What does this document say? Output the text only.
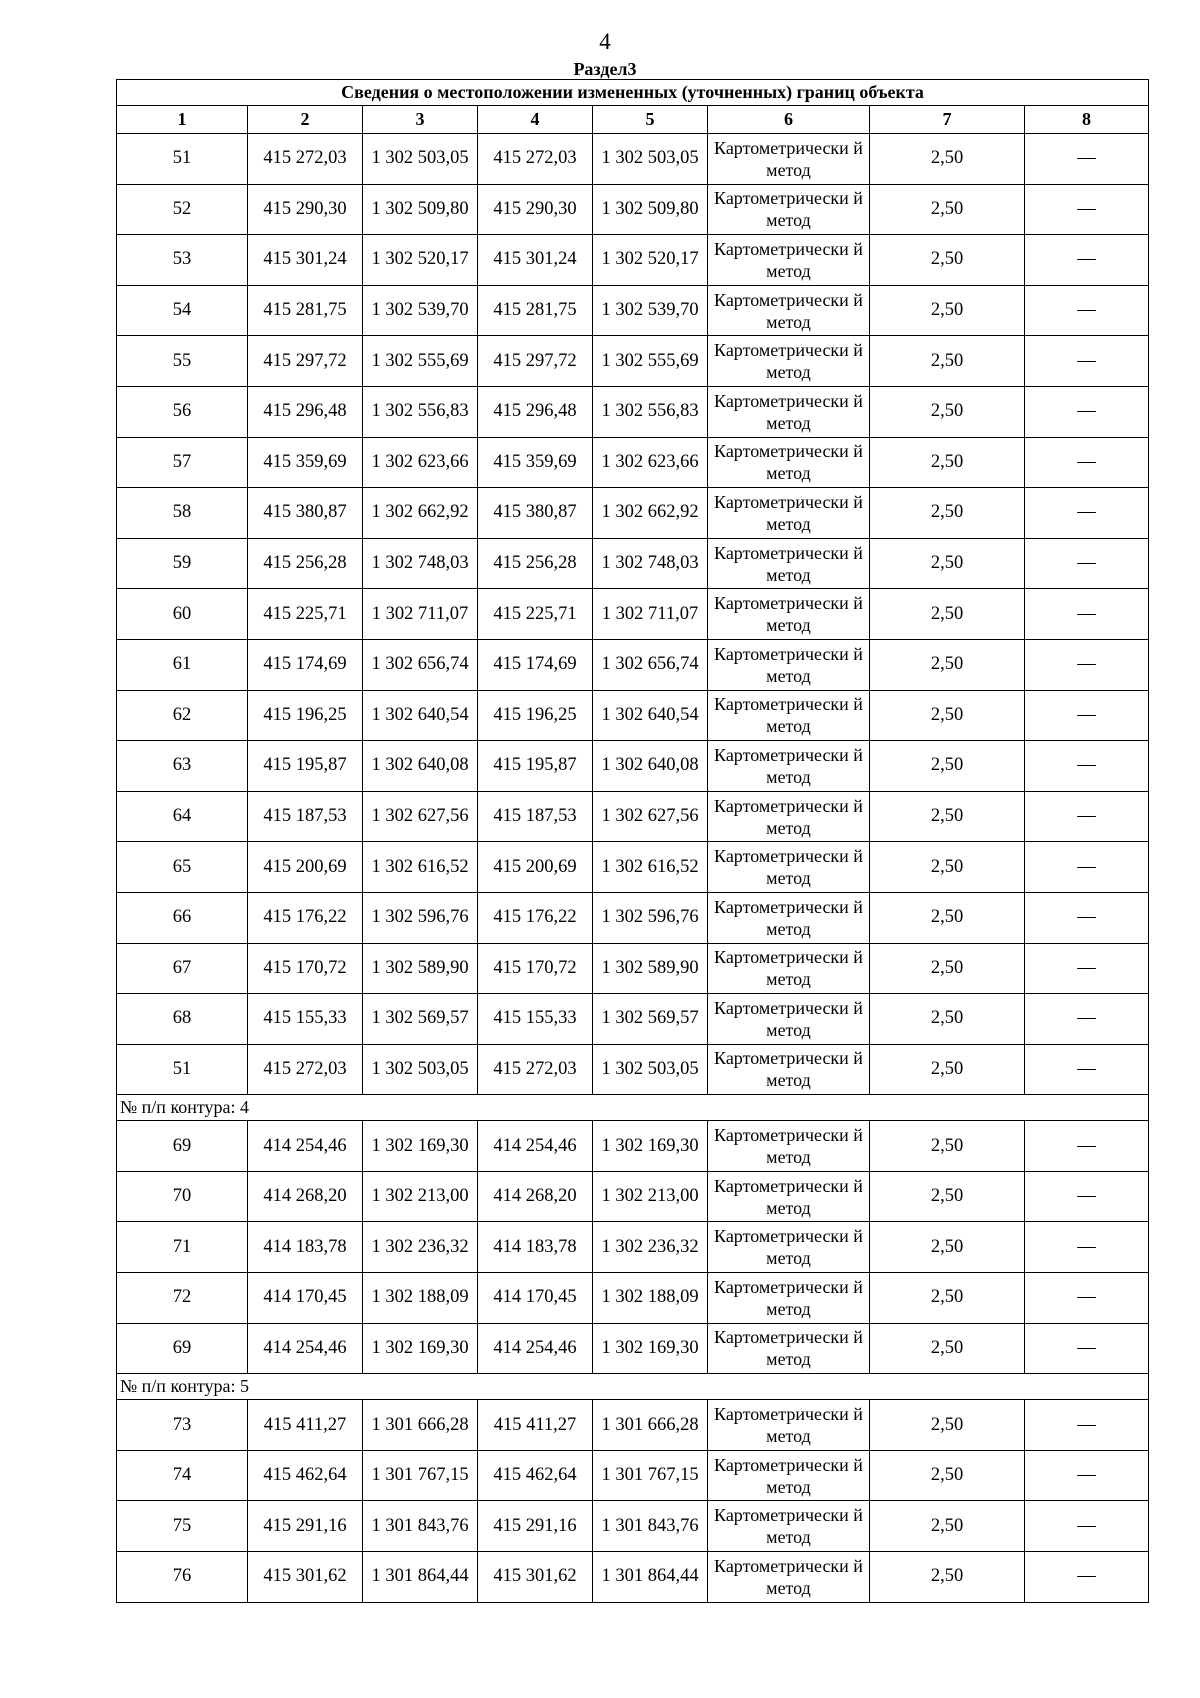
4
Раздел3
Сведения о местоположении измененных (уточненных) границ объекта							
1	2	3	4	5	6	7	8
51	415 272,03	1 302 503,05	415 272,03	1 302 503,05	Картометрически й метод	2,50	—
52	415 290,30	1 302 509,80	415 290,30	1 302 509,80	Картометрически й метод	2,50	—
53	415 301,24	1 302 520,17	415 301,24	1 302 520,17	Картометрически й метод	2,50	—
54	415 281,75	1 302 539,70	415 281,75	1 302 539,70	Картометрически й метод	2,50	—
55	415 297,72	1 302 555,69	415 297,72	1 302 555,69	Картометрически й метод	2,50	—
56	415 296,48	1 302 556,83	415 296,48	1 302 556,83	Картометрически й метод	2,50	—
57	415 359,69	1 302 623,66	415 359,69	1 302 623,66	Картометрически й метод	2,50	—
58	415 380,87	1 302 662,92	415 380,87	1 302 662,92	Картометрически й метод	2,50	—
59	415 256,28	1 302 748,03	415 256,28	1 302 748,03	Картометрически й метод	2,50	—
60	415 225,71	1 302 711,07	415 225,71	1 302 711,07	Картометрически й метод	2,50	—
61	415 174,69	1 302 656,74	415 174,69	1 302 656,74	Картометрически й метод	2,50	—
62	415 196,25	1 302 640,54	415 196,25	1 302 640,54	Картометрически й метод	2,50	—
63	415 195,87	1 302 640,08	415 195,87	1 302 640,08	Картометрически й метод	2,50	—
64	415 187,53	1 302 627,56	415 187,53	1 302 627,56	Картометрически й метод	2,50	—
65	415 200,69	1 302 616,52	415 200,69	1 302 616,52	Картометрически й метод	2,50	—
66	415 176,22	1 302 596,76	415 176,22	1 302 596,76	Картометрически й метод	2,50	—
67	415 170,72	1 302 589,90	415 170,72	1 302 589,90	Картометрически й метод	2,50	—
68	415 155,33	1 302 569,57	415 155,33	1 302 569,57	Картометрически й метод	2,50	—
51	415 272,03	1 302 503,05	415 272,03	1 302 503,05	Картометрически й метод	2,50	—
№ п/п контура: 4							
69	414 254,46	1 302 169,30	414 254,46	1 302 169,30	Картометрически й метод	2,50	—
70	414 268,20	1 302 213,00	414 268,20	1 302 213,00	Картометрически й метод	2,50	—
71	414 183,78	1 302 236,32	414 183,78	1 302 236,32	Картометрически й метод	2,50	—
72	414 170,45	1 302 188,09	414 170,45	1 302 188,09	Картометрически й метод	2,50	—
69	414 254,46	1 302 169,30	414 254,46	1 302 169,30	Картометрически й метод	2,50	—
№ п/п контура: 5							
73	415 411,27	1 301 666,28	415 411,27	1 301 666,28	Картометрически й метод	2,50	—
74	415 462,64	1 301 767,15	415 462,64	1 301 767,15	Картометрически й метод	2,50	—
75	415 291,16	1 301 843,76	415 291,16	1 301 843,76	Картометрически й метод	2,50	—
76	415 301,62	1 301 864,44	415 301,62	1 301 864,44	Картометрически й метод	2,50	—
